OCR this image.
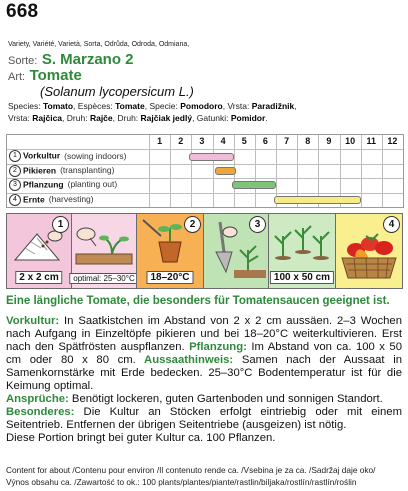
668
Variety, Variété, Varietà, Sorta, Odrůda, Odroda, Odmiana,
Sorte: S. Marzano 2
Art: Tomate
(Solanum lycopersicum L.)
Species: Tomato, Espèces: Tomate, Specie: Pomodoro, Vrsta: Paradižnik,
Vrsta: Rajčica, Druh: Rajče, Druh: Rajčiak jedlý, Gatunki: Pomidor.
1	2	3	4	5	6	7	8	9	10	11	12
1 Vorkultur (sowing indoors)
2 Pikieren (transplanting)
3 Pflanzung (planting out)
4 Ernte (harvesting)
1
2 x 2 cm	optimal: 25–30°C
2
18–20°C
3
100 x 50 cm
4
Eine längliche Tomate, die besonders für Tomatensaucen geeignet ist.
Vorkultur: In Saatkistchen im Abstand von 2 x 2 cm aussäen. 2–3 Wochen nach Aufgang in Einzeltöpfe pikieren und bei 18–20°C weiterkultivieren. Erst nach den Spätfrösten auspflanzen. Pflanzung: Im Abstand von ca. 100 x 50 cm oder 80 x 80 cm. Aussaathinweis: Samen nach der Aussaat in Samenkornstärke mit Erde bedecken. 25–30°C Bodentemperatur ist für die Keimung optimal.
Ansprüche: Benötigt lockeren, guten Gartenboden und sonnigen Standort.
Besonderes: Die Kultur an Stöcken erfolgt eintriebig oder mit einem Seitentrieb. Entfernen der übrigen Seitentriebe (ausgeizen) ist nötig.
Diese Portion bringt bei guter Kultur ca. 100 Pflanzen.
Content for about /Contenu pour environ /Il contenuto rende ca. /Vsebina je za ca. /Sadržaj daje oko/
Výnos obsahu ca. /Zawartość to ok.: 100 plants/plantes/piante/rastlin/biljaka/rostlín/rastlín/roślin
